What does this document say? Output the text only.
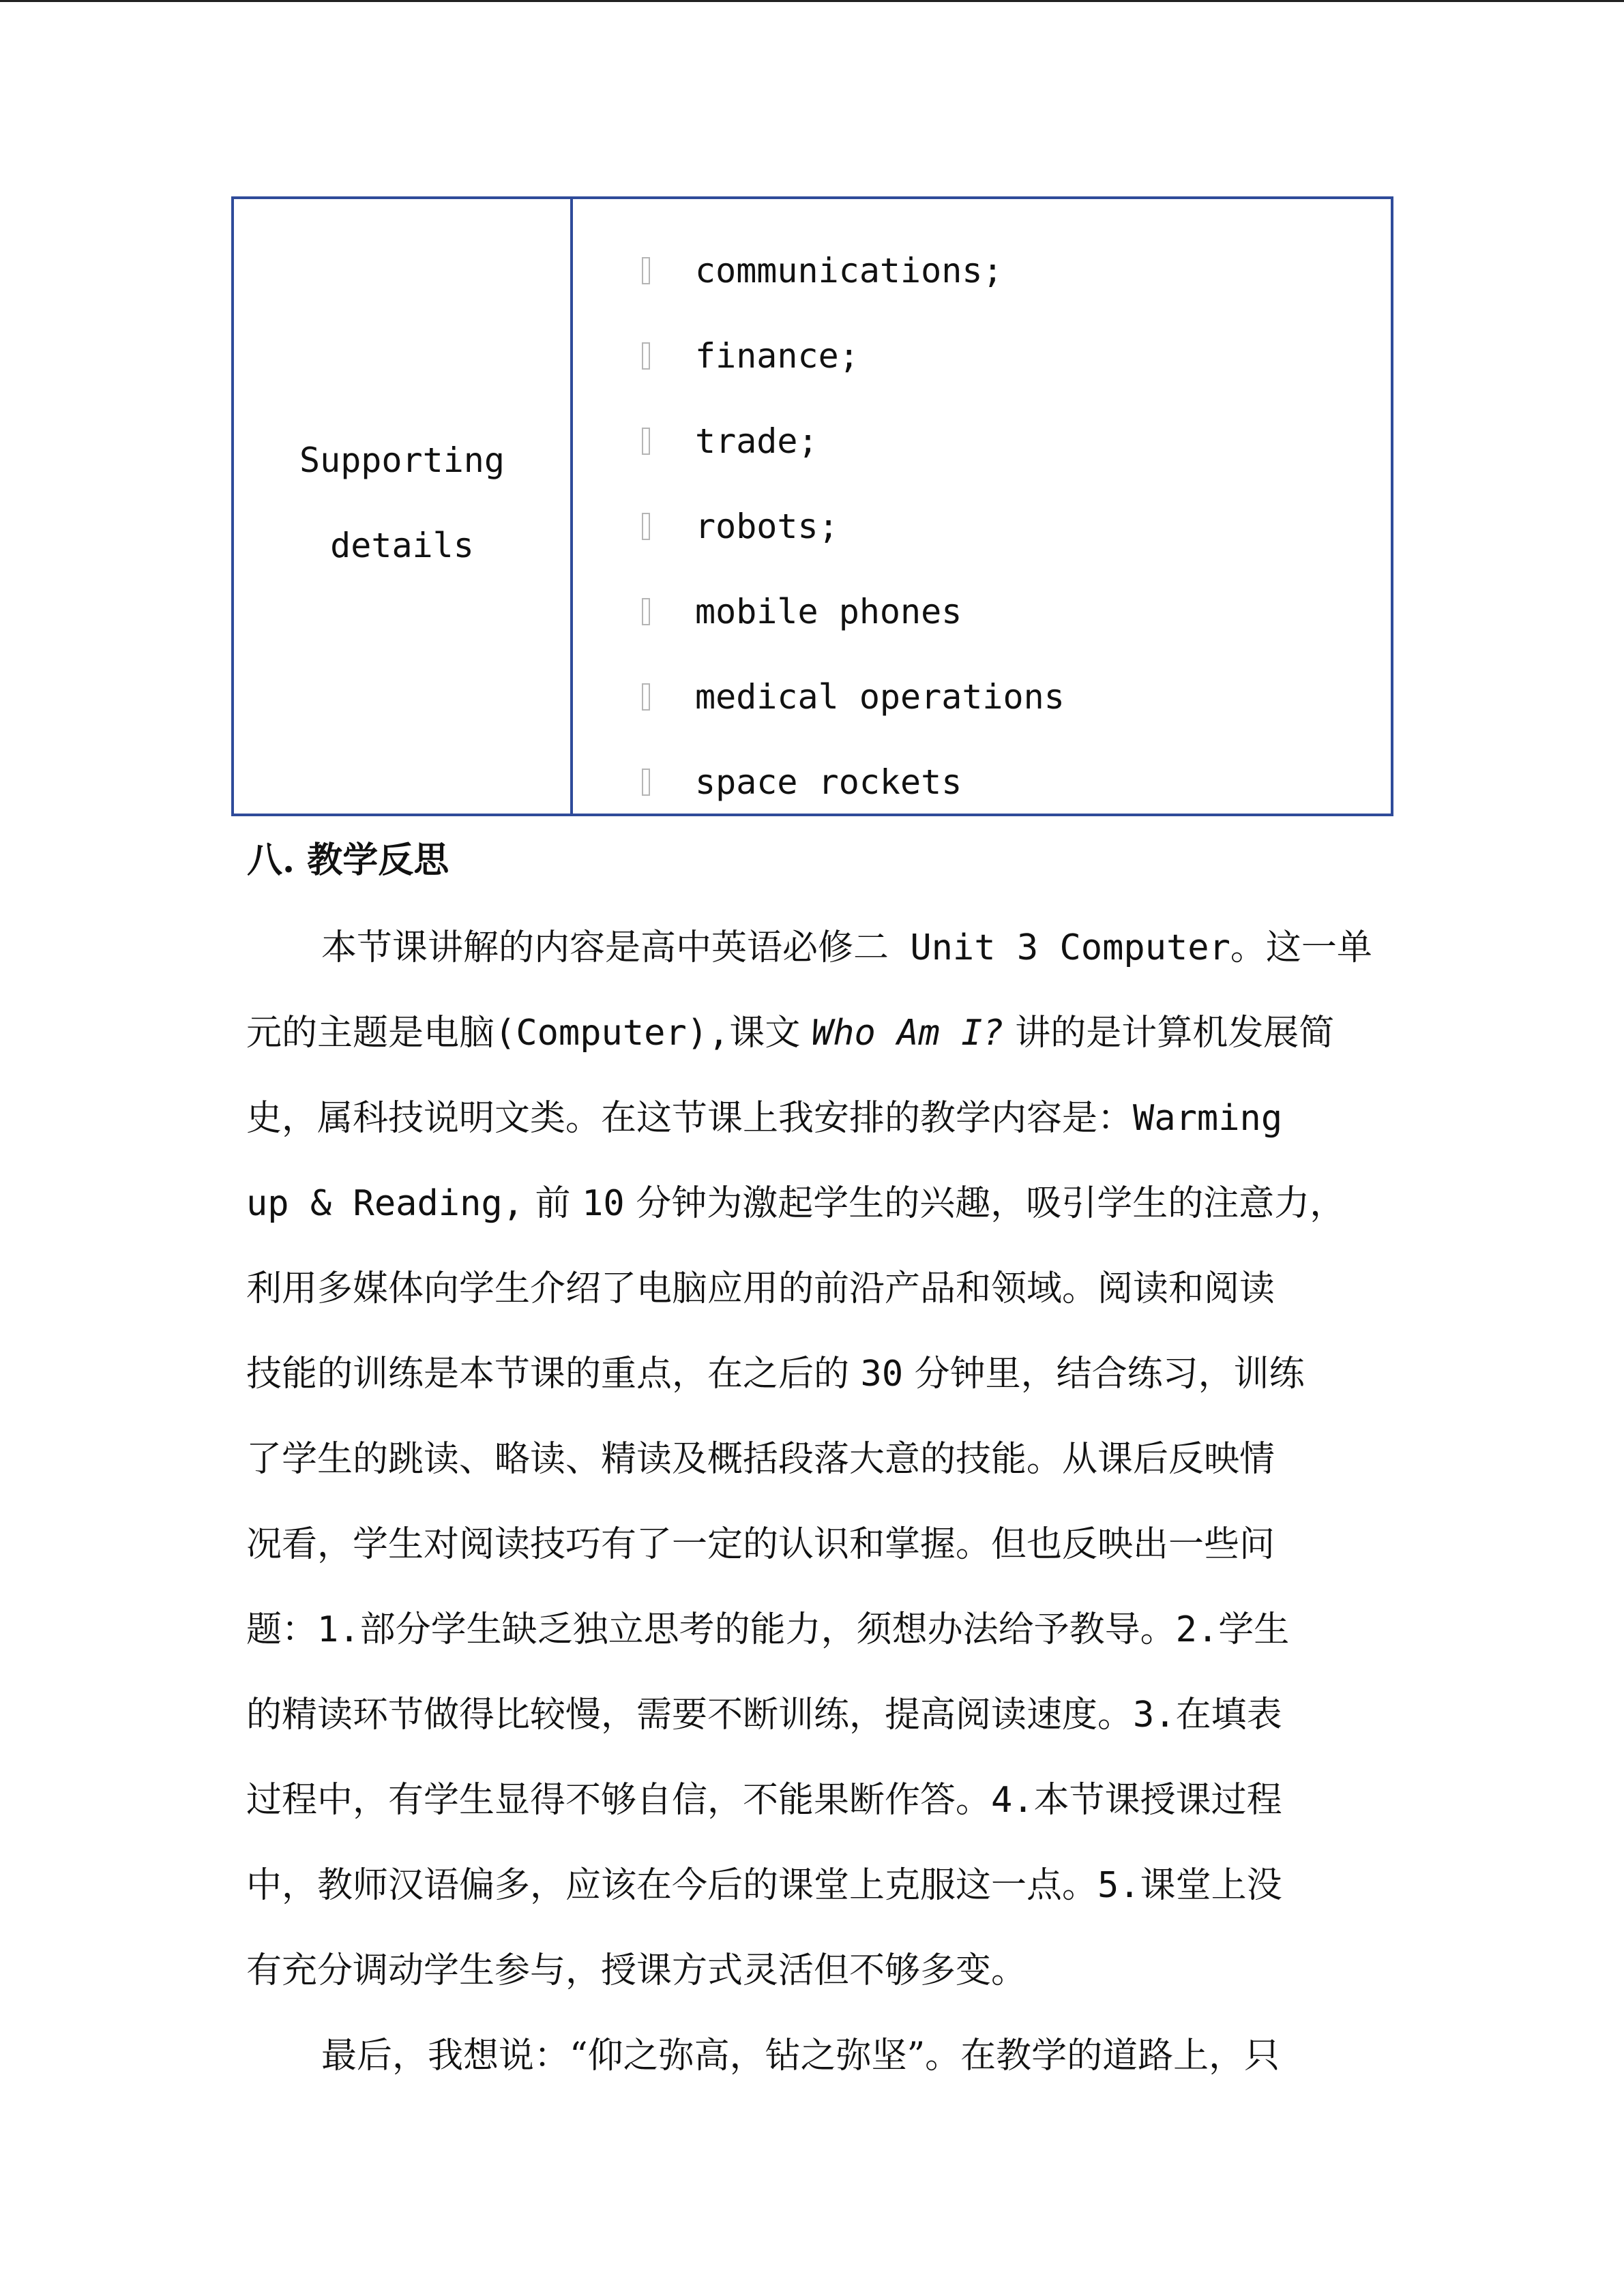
Supporting
details
communications;
finance;
trade;
robots;
mobile phones
medical operations
space rockets
八. 教学反思
本节课讲解的内容是高中英语必修二 Unit 3 Computer。这一单
元的主题是电脑(Computer),课文 Who Am I? 讲的是计算机发展简
史，属科技说明文类。在这节课上我安排的教学内容是：Warming
up & Reading, 前 10 分钟为激起学生的兴趣，吸引学生的注意力，
利用多媒体向学生介绍了电脑应用的前沿产品和领域。阅读和阅读
技能的训练是本节课的重点，在之后的 30 分钟里，结合练习，训练
了学生的跳读、略读、精读及概括段落大意的技能。从课后反映情
况看，学生对阅读技巧有了一定的认识和掌握。但也反映出一些问
题：1.部分学生缺乏独立思考的能力，须想办法给予教导。2.学生
的精读环节做得比较慢，需要不断训练，提高阅读速度。3.在填表
过程中，有学生显得不够自信，不能果断作答。4.本节课授课过程
中，教师汉语偏多，应该在今后的课堂上克服这一点。5.课堂上没
有充分调动学生参与，授课方式灵活但不够多变。
最后，我想说：“仰之弥高，钻之弥坚”。在教学的道路上，只
